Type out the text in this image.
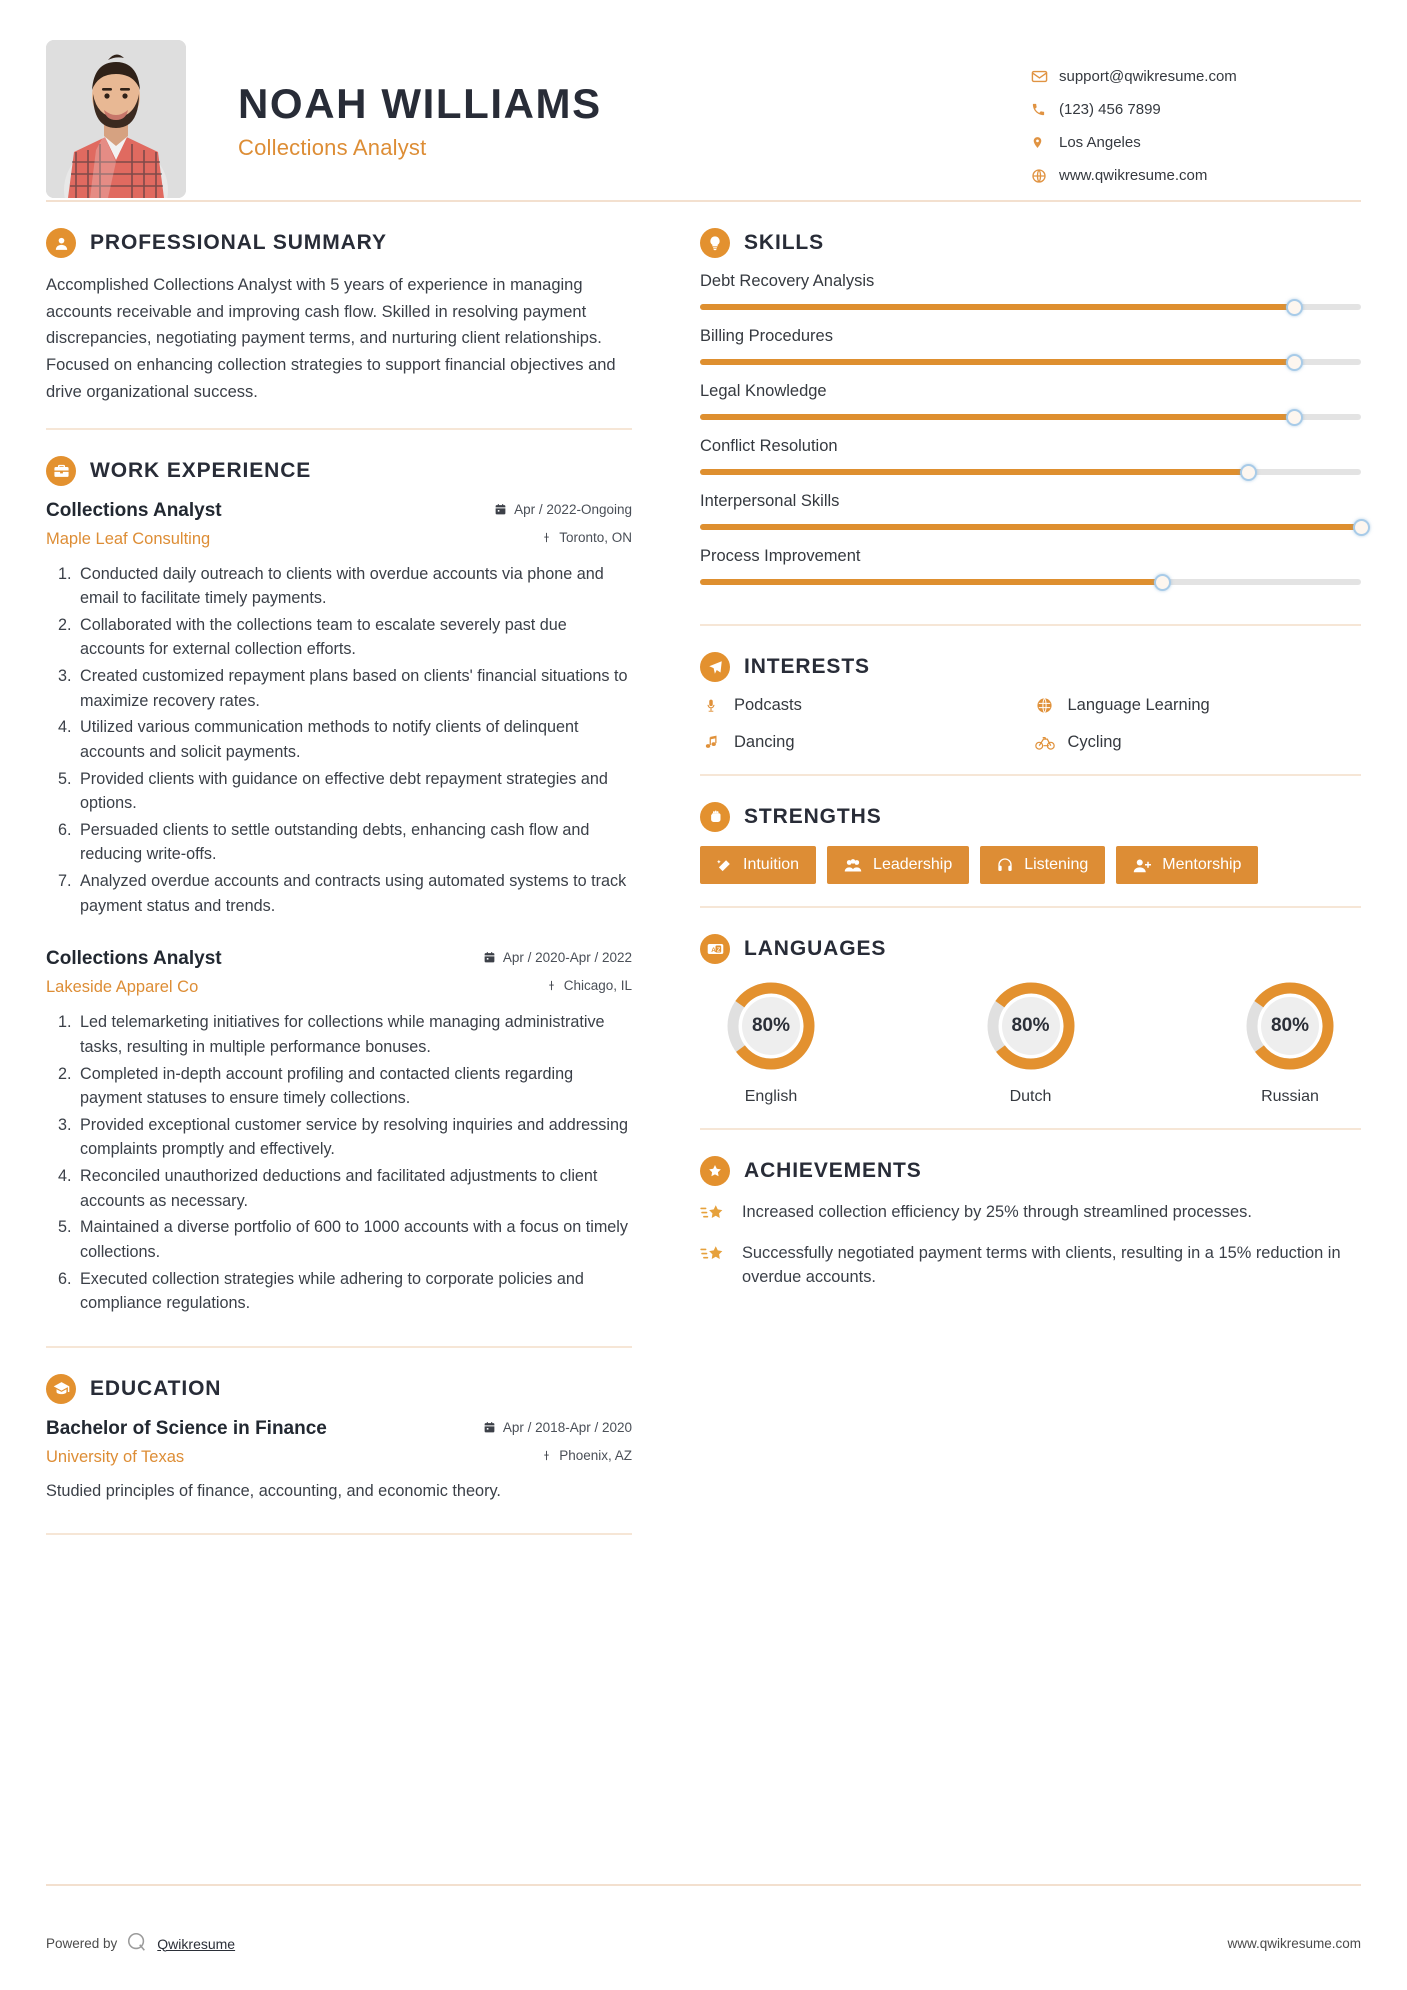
NOAH WILLIAMS
Collections Analyst
support@qwikresume.com
(123) 456 7899
Los Angeles
www.qwikresume.com
PROFESSIONAL SUMMARY

Accomplished Collections Analyst with 5 years of experience in managing accounts receivable and improving cash flow. Skilled in resolving payment discrepancies, negotiating payment terms, and nurturing client relationships. Focused on enhancing collection strategies to support financial objectives and drive organizational success.

WORK EXPERIENCE
Collections Analyst	Apr / 2022-Ongoing
Maple Leaf Consulting	Toronto, ON
1. Conducted daily outreach to clients with overdue accounts via phone and email to facilitate timely payments.
2. Collaborated with the collections team to escalate severely past due accounts for external collection efforts.
3. Created customized repayment plans based on clients' financial situations to maximize recovery rates.
4. Utilized various communication methods to notify clients of delinquent accounts and solicit payments.
5. Provided clients with guidance on effective debt repayment strategies and options.
6. Persuaded clients to settle outstanding debts, enhancing cash flow and reducing write-offs.
7. Analyzed overdue accounts and contracts using automated systems to track payment status and trends.
Collections Analyst	Apr / 2020-Apr / 2022
Lakeside Apparel Co	Chicago, IL
1. Led telemarketing initiatives for collections while managing administrative tasks, resulting in multiple performance bonuses.
2. Completed in-depth account profiling and contacted clients regarding payment statuses to ensure timely collections.
3. Provided exceptional customer service by resolving inquiries and addressing complaints promptly and effectively.
4. Reconciled unauthorized deductions and facilitated adjustments to client accounts as necessary.
5. Maintained a diverse portfolio of 600 to 1000 accounts with a focus on timely collections.
6. Executed collection strategies while adhering to corporate policies and compliance regulations.
EDUCATION
Bachelor of Science in Finance	Apr / 2018-Apr / 2020
University of Texas	Phoenix, AZ

Studied principles of finance, accounting, and economic theory.

SKILLS
Debt Recovery Analysis
Billing Procedures
Legal Knowledge
Conflict Resolution
Interpersonal Skills
Process Improvement
INTERESTS
Podcasts	Language Learning
Dancing	Cycling
STRENGTHS
Intuition	Leadership	Listening	Mentorship
A Z LANGUAGES
80%
English
80%
Dutch
80%
Russian
ACHIEVEMENTS
Increased collection efficiency by 25% through streamlined processes.
Successfully negotiated payment terms with clients, resulting in a 15% reduction in overdue accounts.
Powered by	Qwikresume	www.qwikresume.com
